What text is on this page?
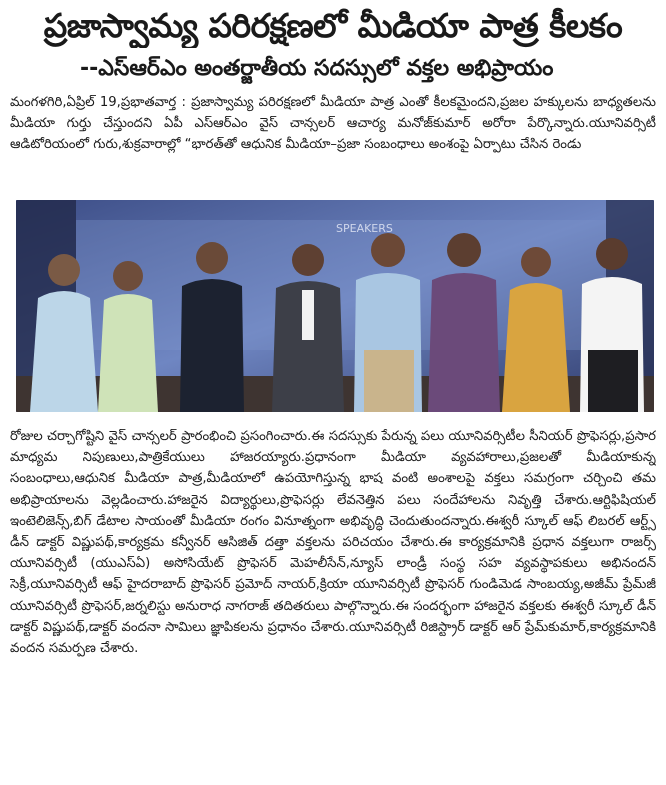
ప్రజాస్వామ్య పరిరక్షణలో మీడియా పాత్ర కీలకం
--ఎస్‌ఆర్‌ఎం అంతర్జాతీయ సదస్సులో వక్తల అభిప్రాయం
మంగళగిరి,ఏప్రిల్ 19,ప్రభాతవార్త : ప్రజాస్వామ్య పరిరక్షణలో మీడియా పాత్ర ఎంతో కీలకమైందని,ప్రజల హక్కులను బాధ్యతలను మీడియా గుర్తు చేస్తుందని ఏపీ ఎస్‌ఆర్‌ఎం వైస్ చాన్సలర్ ఆచార్య మనోజ్‌కుమార్ అరోరా పేర్కొన్నారు.యూనివర్సిటీ ఆడిటోరియంలో గురు,శుక్రవారాల్లో “భారత్‌తో ఆధునిక మీడియా–ప్రజా సంబంధాలు అంశంపై ఏర్పాటు చేసిన రెండు
SPEAKERS
రోజుల చర్చాగోష్టిని వైస్ చాన్సలర్ ప్రారంభించి ప్రసంగించారు.ఈ సదస్సుకు పేరున్న పలు యూనివర్సిటీల సీనియర్ ప్రొఫెసర్లు,ప్రసార మాధ్యమ నిపుణులు,పాత్రికేయులు హాజరయ్యారు.ప్రధానంగా మీడియా వ్యవహారాలు,ప్రజలతో మీడియాకున్న సంబంధాలు,ఆధునిక మీడియా పాత్ర,మీడియాలో ఉపయోగిస్తున్న భాష వంటి అంశాలపై వక్తలు సమగ్రంగా చర్చించి తమ అభిప్రాయాలను వెల్లడించారు.హాజరైన విద్యార్థులు,ప్రొఫెసర్లు లేవనెత్తిన పలు సందేహాలను నివృత్తి చేశారు.ఆర్టిఫిషియల్ ఇంటెలిజెన్స్,బిగ్ డేటాల సాయంతో మీడియా రంగం వినూత్నంగా అభివృద్ధి చెందుతుందన్నారు.ఈశ్వరీ స్కూల్ ఆఫ్ లిబరల్ ఆర్ట్స్ డీన్ డాక్టర్ విష్ణుపథ్,కార్యక్రమ కన్వీనర్ ఆసిజిత్ దత్తా వక్తలను పరిచయం చేశారు.ఈ కార్యక్రమానికి ప్రధాన వక్తలుగా రాజర్స్ యూనివర్సిటీ (యుఎస్ఏ) అసోసియేట్ ప్రొఫెసర్ మెహలీసేన్,న్యూస్ లాండ్రీ సంస్థ సహ వ్యవస్థాపకులు అభినందన్ సెక్రీ,యూనివర్సిటీ ఆఫ్ హైదరాబాద్ ప్రొఫెసర్ ప్రమోద్ నాయర్,క్రియా యూనివర్సిటీ ప్రొఫెసర్ గుండిమెడ సాంబయ్య,అజీమ్ ప్రేమ్‌జీ యూనివర్సిటీ ప్రొఫెసర్,జర్నలిస్టు అనురాధ నాగరాజ్ తదితరులు పాల్గొన్నారు.ఈ సందర్భంగా హాజరైన వక్తలకు ఈశ్వరీ స్కూల్ డీన్ డాక్టర్ విష్ణుపథ్,డాక్టర్ వందనా సామిలు జ్ఞాపికలను ప్రధానం చేశారు.యూనివర్సిటీ రిజిస్ట్రార్ డాక్టర్ ఆర్ ప్రేమ్‌కుమార్,కార్యక్రమానికి వందన సమర్పణ చేశారు.
